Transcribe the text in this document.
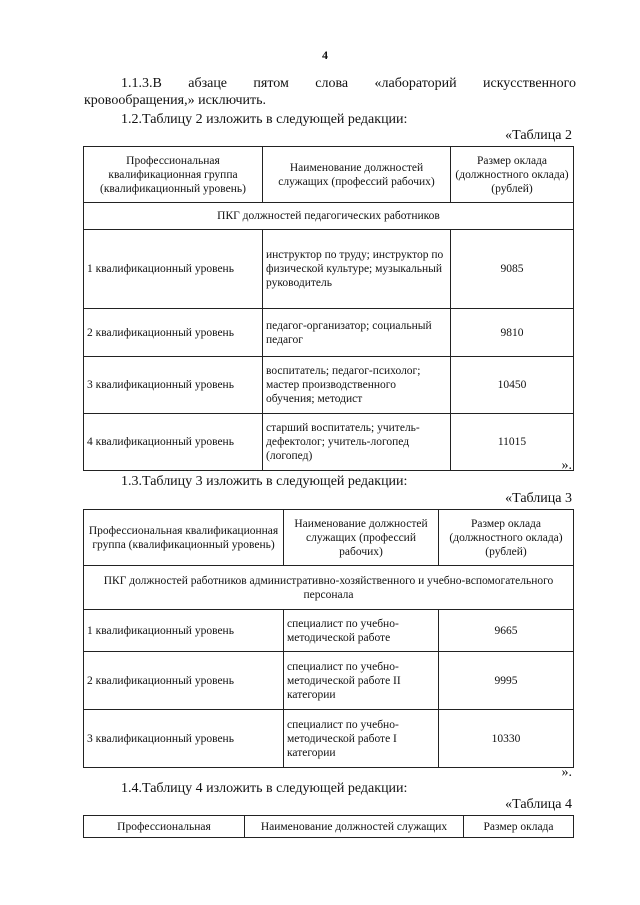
4
1.1.3.В абзаце пятом слова «лабораторий искусственного
кровообращения,» исключить.
1.2.Таблицу 2 изложить в следующей редакции:
«Таблица 2
Профессиональная квалификационная группа (квалификационный уровень)	Наименование должностей служащих (профессий рабочих)	Размер оклада (должностного оклада) (рублей)
ПКГ должностей педагогических работников		
1 квалификационный уровень	инструктор по труду; инструктор по физической культуре; музыкальный руководитель	9085
2 квалификационный уровень	педагог-организатор; социальный педагог	9810
3 квалификационный уровень	воспитатель; педагог-психолог; мастер производственного обучения; методист	10450
4 квалификационный уровень	старший воспитатель; учитель-дефектолог; учитель-логопед (логопед)	11015
».
1.3.Таблицу 3 изложить в следующей редакции:
«Таблица 3
Профессиональная квалификационная группа (квалификационный уровень)	Наименование должностей служащих (профессий рабочих)	Размер оклада (должностного оклада) (рублей)
ПКГ должностей работников административно-хозяйственного и учебно-вспомогательного персонала		
1 квалификационный уровень	специалист по учебно-методической работе	9665
2 квалификационный уровень	специалист по учебно-методической работе II категории	9995
3 квалификационный уровень	специалист по учебно-методической работе I категории	10330
».
1.4.Таблицу 4 изложить в следующей редакции:
«Таблица 4
Профессиональная	Наименование должностей служащих	Размер оклада
